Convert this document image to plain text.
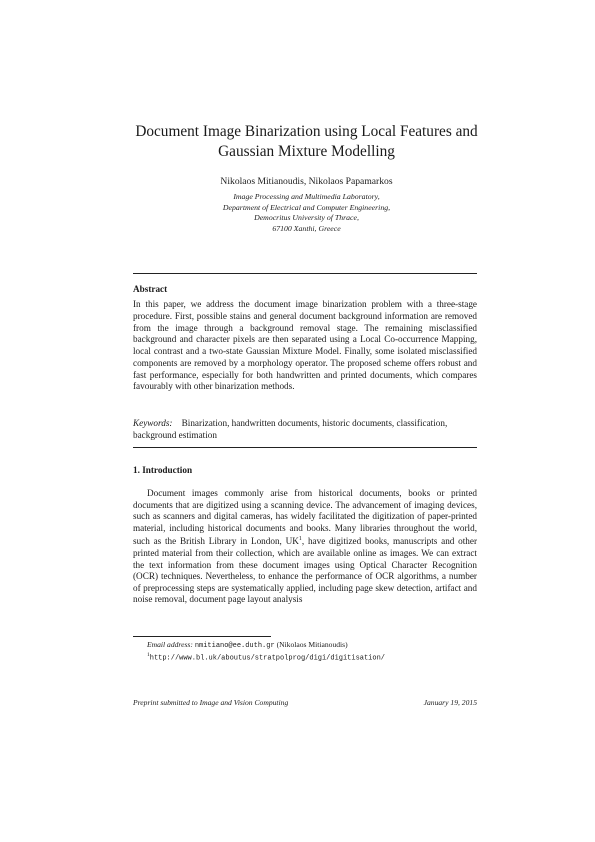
Document Image Binarization using Local Features and
Gaussian Mixture Modelling
Nikolaos Mitianoudis, Nikolaos Papamarkos
Image Processing and Multimedia Laboratory,
Department of Electrical and Computer Engineering,
Democritus University of Thrace,
67100 Xanthi, Greece
Abstract
In this paper, we address the document image binarization problem with a three-stage procedure. First, possible stains and general document background information are removed from the image through a background removal stage. The remaining misclassified background and character pixels are then separated using a Local Co-occurrence Mapping, local contrast and a two-state Gaussian Mixture Model. Finally, some isolated misclassified components are removed by a morphology operator. The proposed scheme offers robust and fast performance, especially for both handwritten and printed documents, which compares favourably with other binarization methods.
Keywords: Binarization, handwritten documents, historic documents, classification, background estimation
1. Introduction
Document images commonly arise from historical documents, books or printed documents that are digitized using a scanning device. The advancement of imaging devices, such as scanners and digital cameras, has widely facilitated the digitization of paper-printed material, including historical documents and books. Many libraries throughout the world, such as the British Library in London, $UK^1$, have digitized books, manuscripts and other printed material from their collection, which are available online as images. We can extract the text information from these document images using Optical Character Recognition (OCR) techniques. Nevertheless, to enhance the performance of OCR algorithms, a number of preprocessing steps are systematically applied, including page skew detection, artifact and noise removal, document page layout analysis
Email address: nmitiano@ee.duth.gr (Nikolaos Mitianoudis)
$^1$http://www.bl.uk/aboutus/stratpolprog/digi/digitisation/
Preprint submitted to Image and Vision Computing	January 19, 2015
